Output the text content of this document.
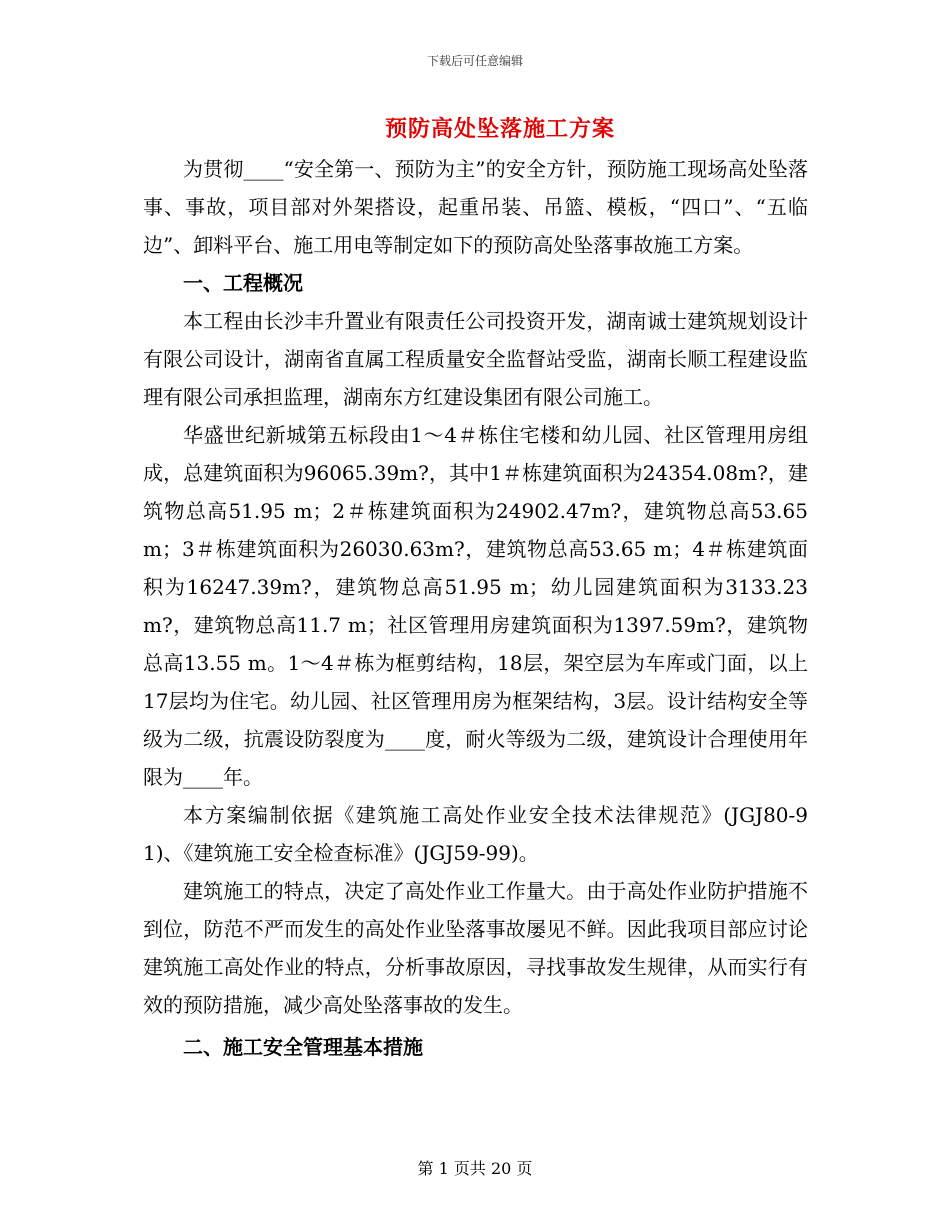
下载后可任意编辑
预防高处坠落施工方案

为贯彻____“安全第一、预防为主”的安全方针，预防施工现场高处坠落事、事故，项目部对外架搭设，起重吊装、吊篮、模板，“四口”、“五临边”、卸料平台、施工用电等制定如下的预防高处坠落事故施工方案。

一、工程概况

本工程由长沙丰升置业有限责任公司投资开发，湖南诚士建筑规划设计有限公司设计，湖南省直属工程质量安全监督站受监，湖南长顺工程建设监理有限公司承担监理，湖南东方红建设集团有限公司施工。

华盛世纪新城第五标段由1～4＃栋住宅楼和幼儿园、社区管理用房组成，总建筑面积为96065.39m?，其中1＃栋建筑面积为24354.08m?，建筑物总高51.95 m；2＃栋建筑面积为24902.47m?，建筑物总高53.65 m；3＃栋建筑面积为26030.63m?，建筑物总高53.65 m；4＃栋建筑面积为16247.39m?，建筑物总高51.95 m；幼儿园建筑面积为3133.23m?，建筑物总高11.7 m；社区管理用房建筑面积为1397.59m?，建筑物总高13.55 m。1～4＃栋为框剪结构，18层，架空层为车库或门面，以上17层均为住宅。幼儿园、社区管理用房为框架结构，3层。设计结构安全等级为二级，抗震设防裂度为____度，耐火等级为二级，建筑设计合理使用年限为____年。

本方案编制依据《建筑施工高处作业安全技术法律规范》(JGJ80-91)、《建筑施工安全检查标准》(JGJ59-99)。

建筑施工的特点，决定了高处作业工作量大。由于高处作业防护措施不到位，防范不严而发生的高处作业坠落事故屡见不鲜。因此我项目部应讨论建筑施工高处作业的特点，分析事故原因，寻找事故发生规律，从而实行有效的预防措施，减少高处坠落事故的发生。

二、施工安全管理基本措施

第 1 页共 20 页
